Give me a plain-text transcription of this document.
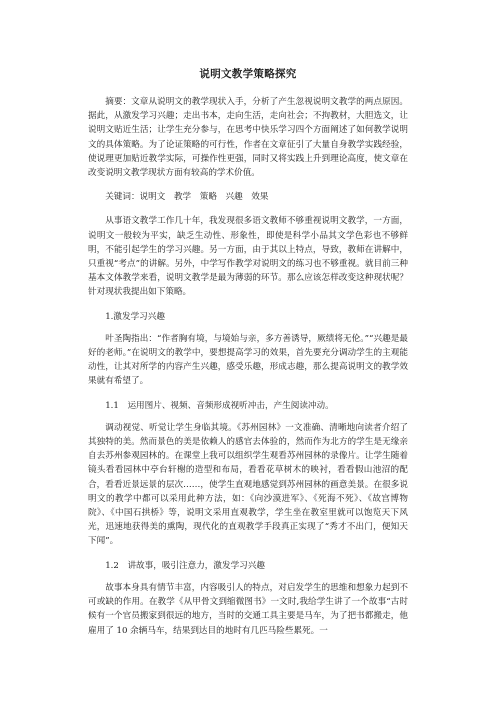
说明文教学策略探究

摘要：文章从说明文的教学现状入手，分析了产生忽视说明文教学的两点原因。据此，从激发学习兴趣；走出书本，走向生活，走向社会；不拘教材，大胆选文，让说明文贴近生活；让学生充分参与，在思考中快乐学习四个方面阐述了如何教学说明文的具体策略。为了论证策略的可行性，作者在文章征引了大量自身教学实践经验，使说理更加贴近教学实际，可操作性更强，同时又将实践上升到理论高度，使文章在改变说明文教学现状方面有较高的学术价值。

关键词：说明文　教学　策略　兴趣　效果

从事语文教学工作几十年，我发现很多语文教师不够重视说明文教学，一方面，说明文一般较为平实，缺乏生动性、形象性，即使是科学小品其文学色彩也不够鲜明，不能引起学生的学习兴趣。另一方面，由于其以上特点，导致，教师在讲解中，只重视“考点”的讲解。另外，中学写作教学对说明文的练习也不够重视。就目前三种基本文体教学来看，说明文教学是最为薄弱的环节。那么应该怎样改变这种现状呢？针对现状我提出如下策略。

1.激发学习兴趣

叶圣陶指出：“作者胸有境，与境始与亲，多方善诱导，厥绩将无伦。”“兴趣是最好的老师。”在说明文的教学中，要想提高学习的效果，首先要充分调动学生的主观能动性，让其对所学的内容产生兴趣，感受乐趣，形成志趣，那么提高说明文的教学效果就有希望了。

1.1　运用图片、视频、音频形成视听冲击，产生阅读冲动。

调动视觉、听觉让学生身临其境。《苏州园林》一文准确、清晰地向读者介绍了其独特的美。然而景色的美是依赖人的感官去体验的，然而作为北方的学生是无缘亲自去苏州参观园林的。在课堂上我可以组织学生观看苏州园林的录像片。让学生随着镜头看看园林中亭台轩榭的造型和布局，看看花草树木的映衬，看看假山池沼的配合，看看近景远景的层次……，使学生直观地感觉到苏州园林的画意美景。在很多说明文的教学中都可以采用此种方法，如：《向沙漠进军》、《死海不死》、《故宫博物院》、《中国石拱桥》等，说明文采用直观教学，学生坐在教室里就可以饱览天下风光，迅速地获得美的熏陶，现代化的直观教学手段真正实现了“秀才不出门，便知天下闻”。

1.2　讲故事，吸引注意力，激发学习兴趣

故事本身具有情节丰富，内容吸引人的特点，对启发学生的思维和想象力起到不可或缺的作用。在教学《从甲骨文到缩微图书》一文时,我给学生讲了一个故事“古时候有一个官员搬家到很远的地方，当时的交通工具主要是马车，为了把书都搬走，他雇用了 10 余辆马车，结果到达目的地时有几匹马险些累死。一
